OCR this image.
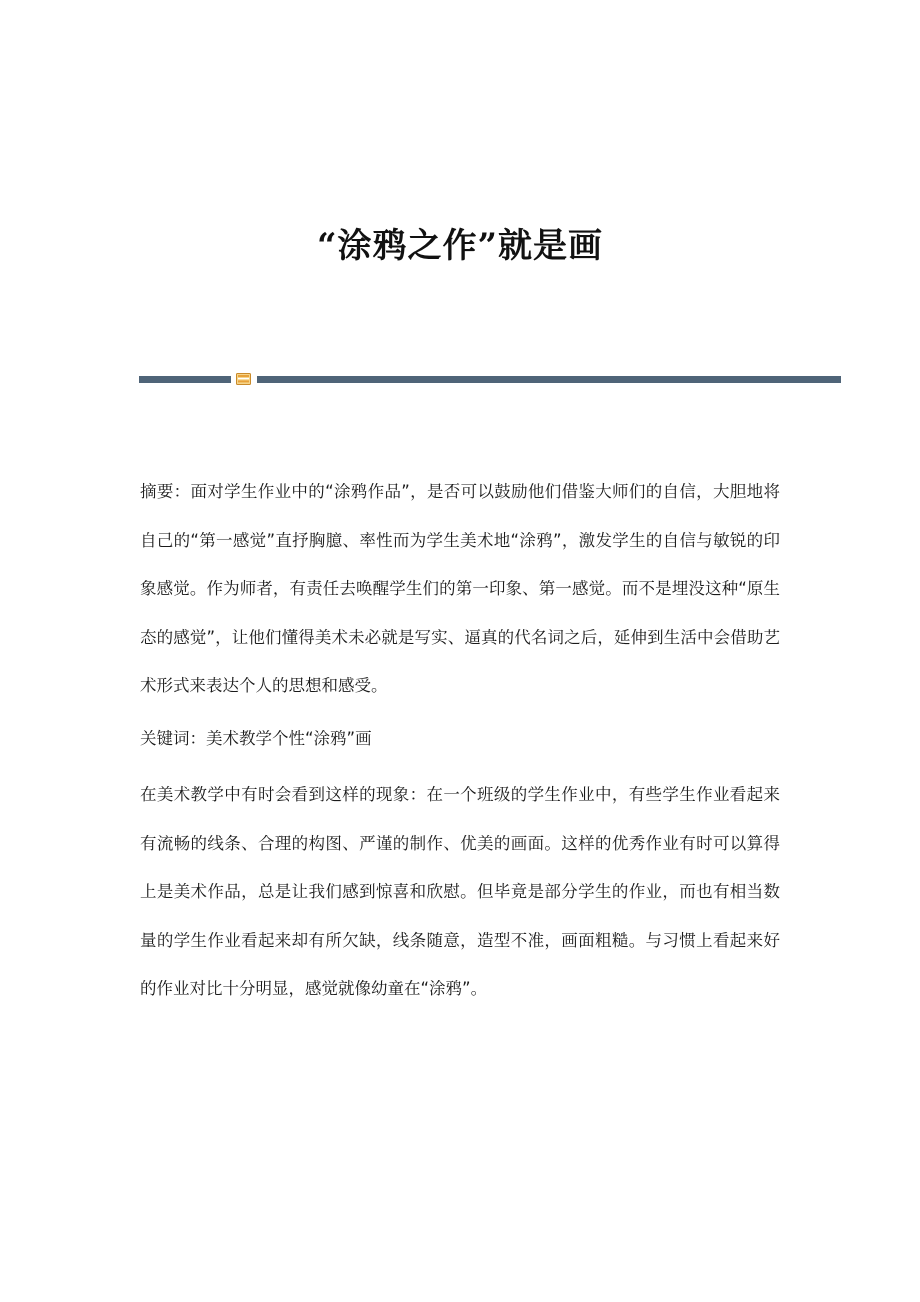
“涂鸦之作”就是画

摘要：面对学生作业中的“涂鸦作品”，是否可以鼓励他们借鉴大师们的自信，大胆地将自己的“第一感觉”直抒胸臆、率性而为学生美术地“涂鸦”，激发学生的自信与敏锐的印象感觉。作为师者，有责任去唤醒学生们的第一印象、第一感觉。而不是埋没这种“原生态的感觉”，让他们懂得美术未必就是写实、逼真的代名词之后，延伸到生活中会借助艺术形式来表达个人的思想和感受。

关键词：美术教学个性“涂鸦”画

在美术教学中有时会看到这样的现象：在一个班级的学生作业中，有些学生作业看起来有流畅的线条、合理的构图、严谨的制作、优美的画面。这样的优秀作业有时可以算得上是美术作品，总是让我们感到惊喜和欣慰。但毕竟是部分学生的作业，而也有相当数量的学生作业看起来却有所欠缺，线条随意，造型不准，画面粗糙。与习惯上看起来好的作业对比十分明显，感觉就像幼童在“涂鸦”。
